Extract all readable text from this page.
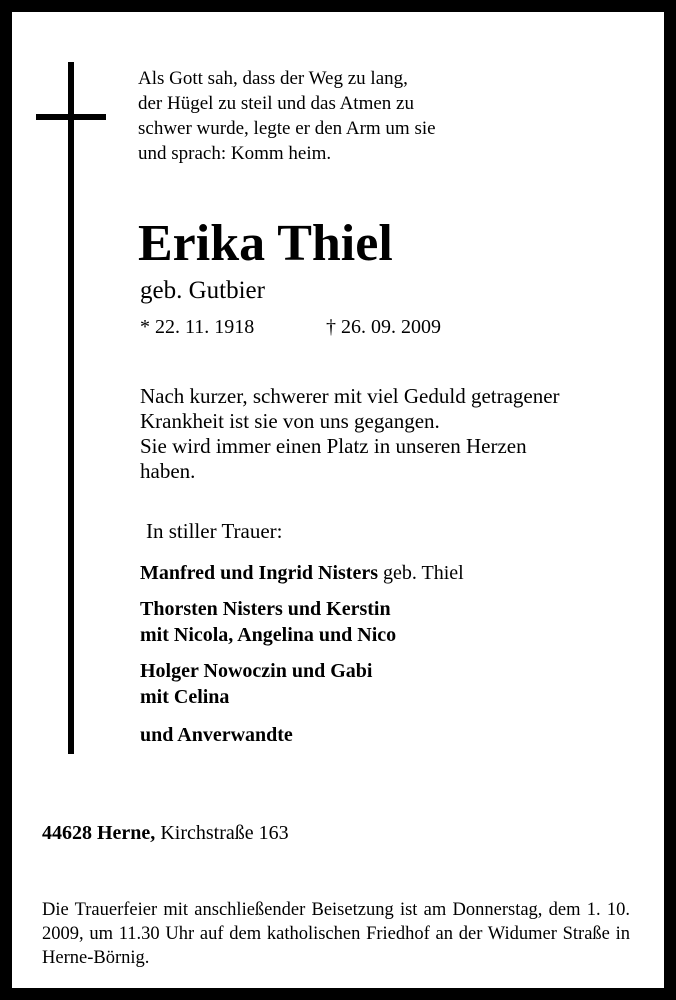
Als Gott sah, dass der Weg zu lang,
der Hügel zu steil und das Atmen zu
schwer wurde, legte er den Arm um sie
und sprach: Komm heim.
Erika Thiel
geb. Gutbier
* 22. 11. 1918	† 26. 09. 2009
Nach kurzer, schwerer mit viel Geduld getragener
Krankheit ist sie von uns gegangen.
Sie wird immer einen Platz in unseren Herzen
haben.
In stiller Trauer:
Manfred und Ingrid Nisters geb. Thiel
Thorsten Nisters und Kerstin
mit Nicola, Angelina und Nico
Holger Nowoczin und Gabi
mit Celina
und Anverwandte
44628 Herne, Kirchstraße 163
Die Trauerfeier mit anschließender Beisetzung ist am Donnerstag, dem 1. 10. 2009, um 11.30 Uhr auf dem katholischen Friedhof an der Widumer Straße in Herne-Börnig.
